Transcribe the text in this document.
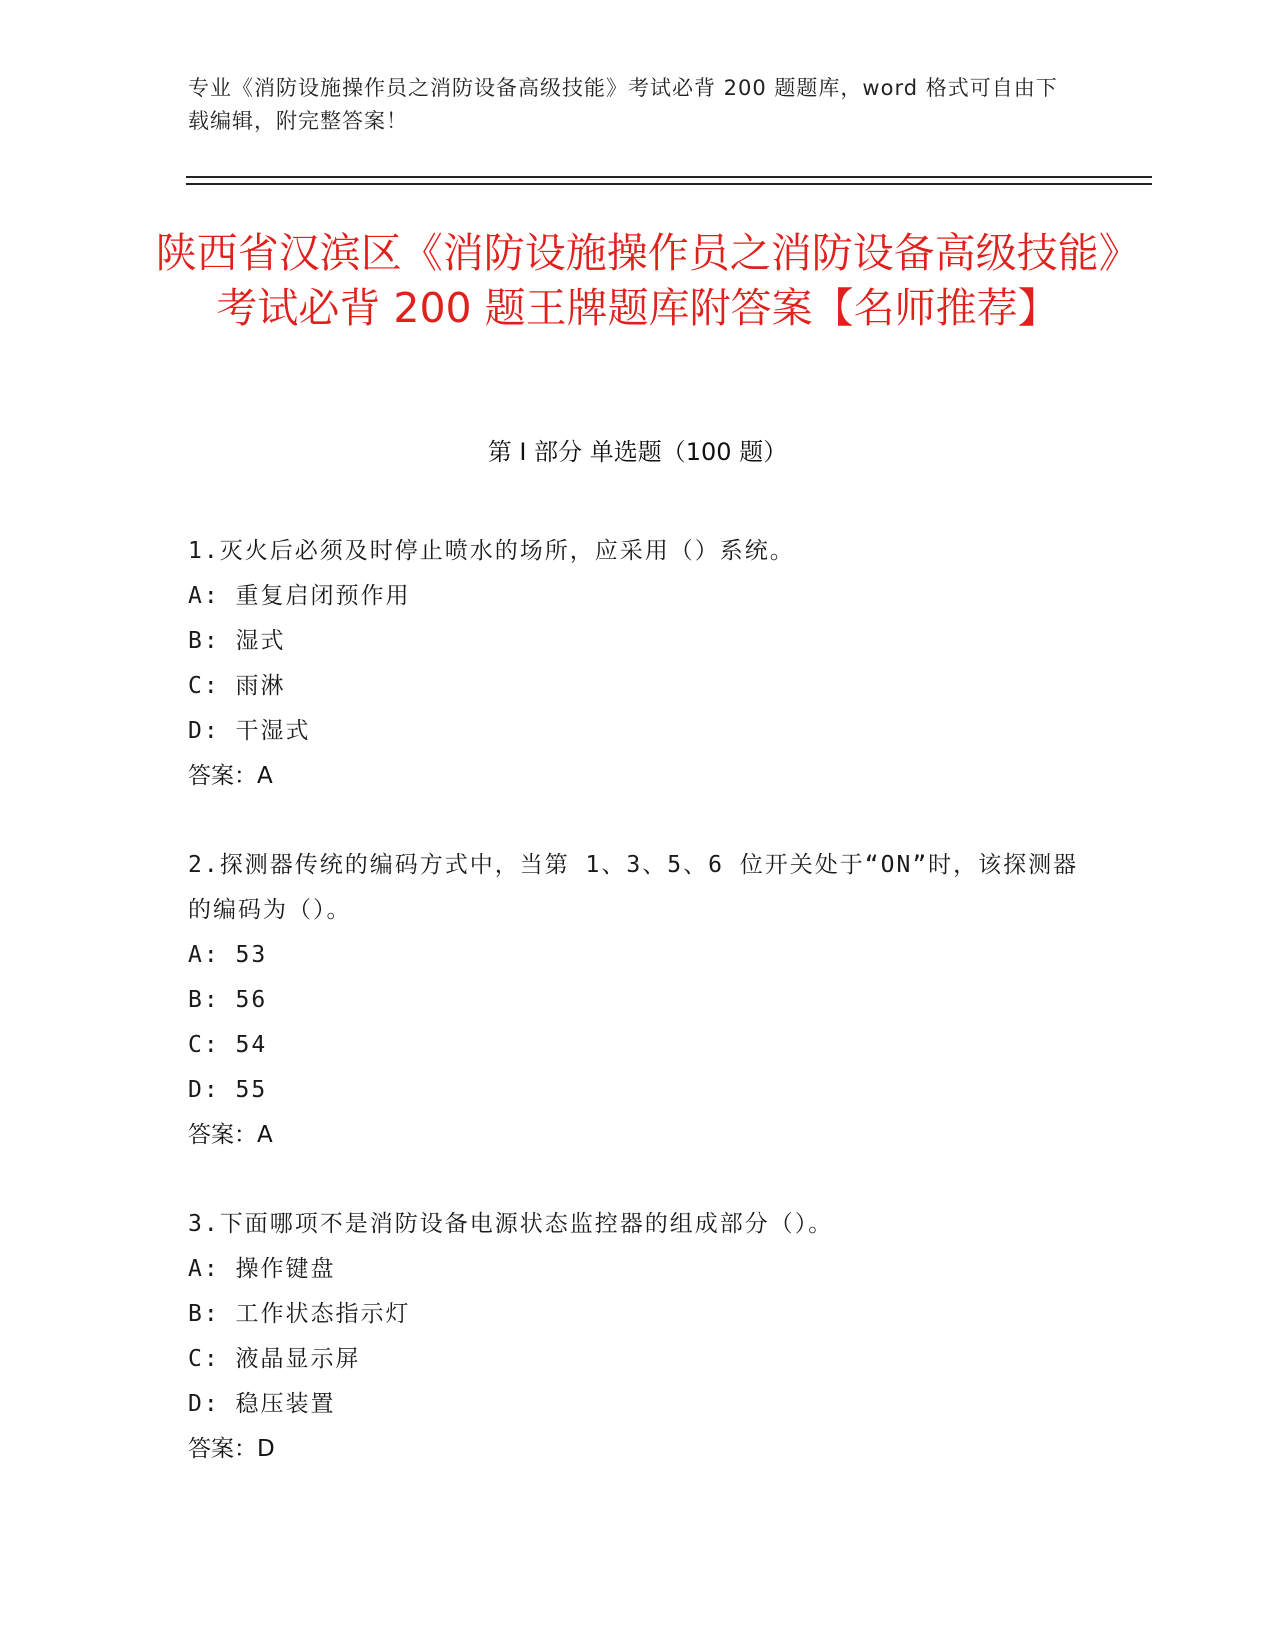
专业《消防设施操作员之消防设备高级技能》考试必背 200 题题库，word 格式可自由下载编辑，附完整答案！
陕西省汉滨区《消防设施操作员之消防设备高级技能》考试必背 200 题王牌题库附答案【名师推荐】
第 I 部分 单选题（100 题）
1.灭火后必须及时停止喷水的场所，应采用（）系统。
A: 重复启闭预作用
B: 湿式
C: 雨淋
D: 干湿式
答案：A
2.探测器传统的编码方式中，当第 1、3、5、6 位开关处于“ON”时，该探测器的编码为（）。
A: 53
B: 56
C: 54
D: 55
答案：A
3.下面哪项不是消防设备电源状态监控器的组成部分（）。
A: 操作键盘
B: 工作状态指示灯
C: 液晶显示屏
D: 稳压装置
答案：D
